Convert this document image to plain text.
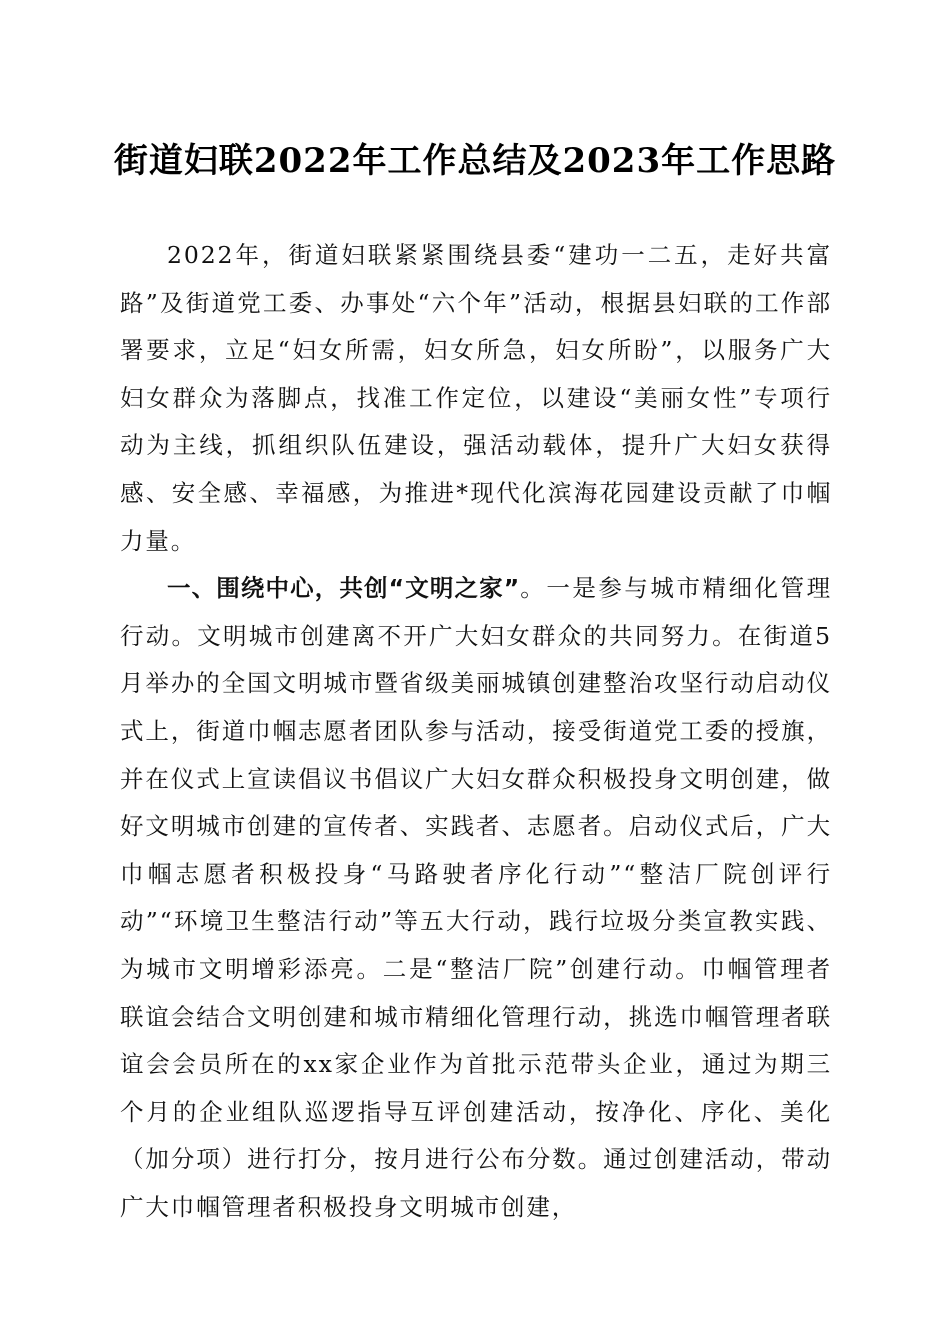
街道妇联2022年工作总结及2023年工作思路

2022年，街道妇联紧紧围绕县委“建功一二五，走好共富路”及街道党工委、办事处“六个年”活动，根据县妇联的工作部署要求，立足“妇女所需，妇女所急，妇女所盼”，以服务广大妇女群众为落脚点，找准工作定位，以建设“美丽女性”专项行动为主线，抓组织队伍建设，强活动载体，提升广大妇女获得感、安全感、幸福感，为推进*现代化滨海花园建设贡献了巾帼力量。

一、围绕中心，共创“文明之家”。一是参与城市精细化管理行动。文明城市创建离不开广大妇女群众的共同努力。在街道5月举办的全国文明城市暨省级美丽城镇创建整治攻坚行动启动仪式上，街道巾帼志愿者团队参与活动，接受街道党工委的授旗，并在仪式上宣读倡议书倡议广大妇女群众积极投身文明创建，做好文明城市创建的宣传者、实践者、志愿者。启动仪式后，广大巾帼志愿者积极投身“马路驶者序化行动”“整洁厂院创评行动”“环境卫生整洁行动”等五大行动，践行垃圾分类宣教实践、为城市文明增彩添亮。二是“整洁厂院”创建行动。巾帼管理者联谊会结合文明创建和城市精细化管理行动，挑选巾帼管理者联谊会会员所在的xx家企业作为首批示范带头企业，通过为期三个月的企业组队巡逻指导互评创建活动，按净化、序化、美化（加分项）进行打分，按月进行公布分数。通过创建活动，带动广大巾帼管理者积极投身文明城市创建，
